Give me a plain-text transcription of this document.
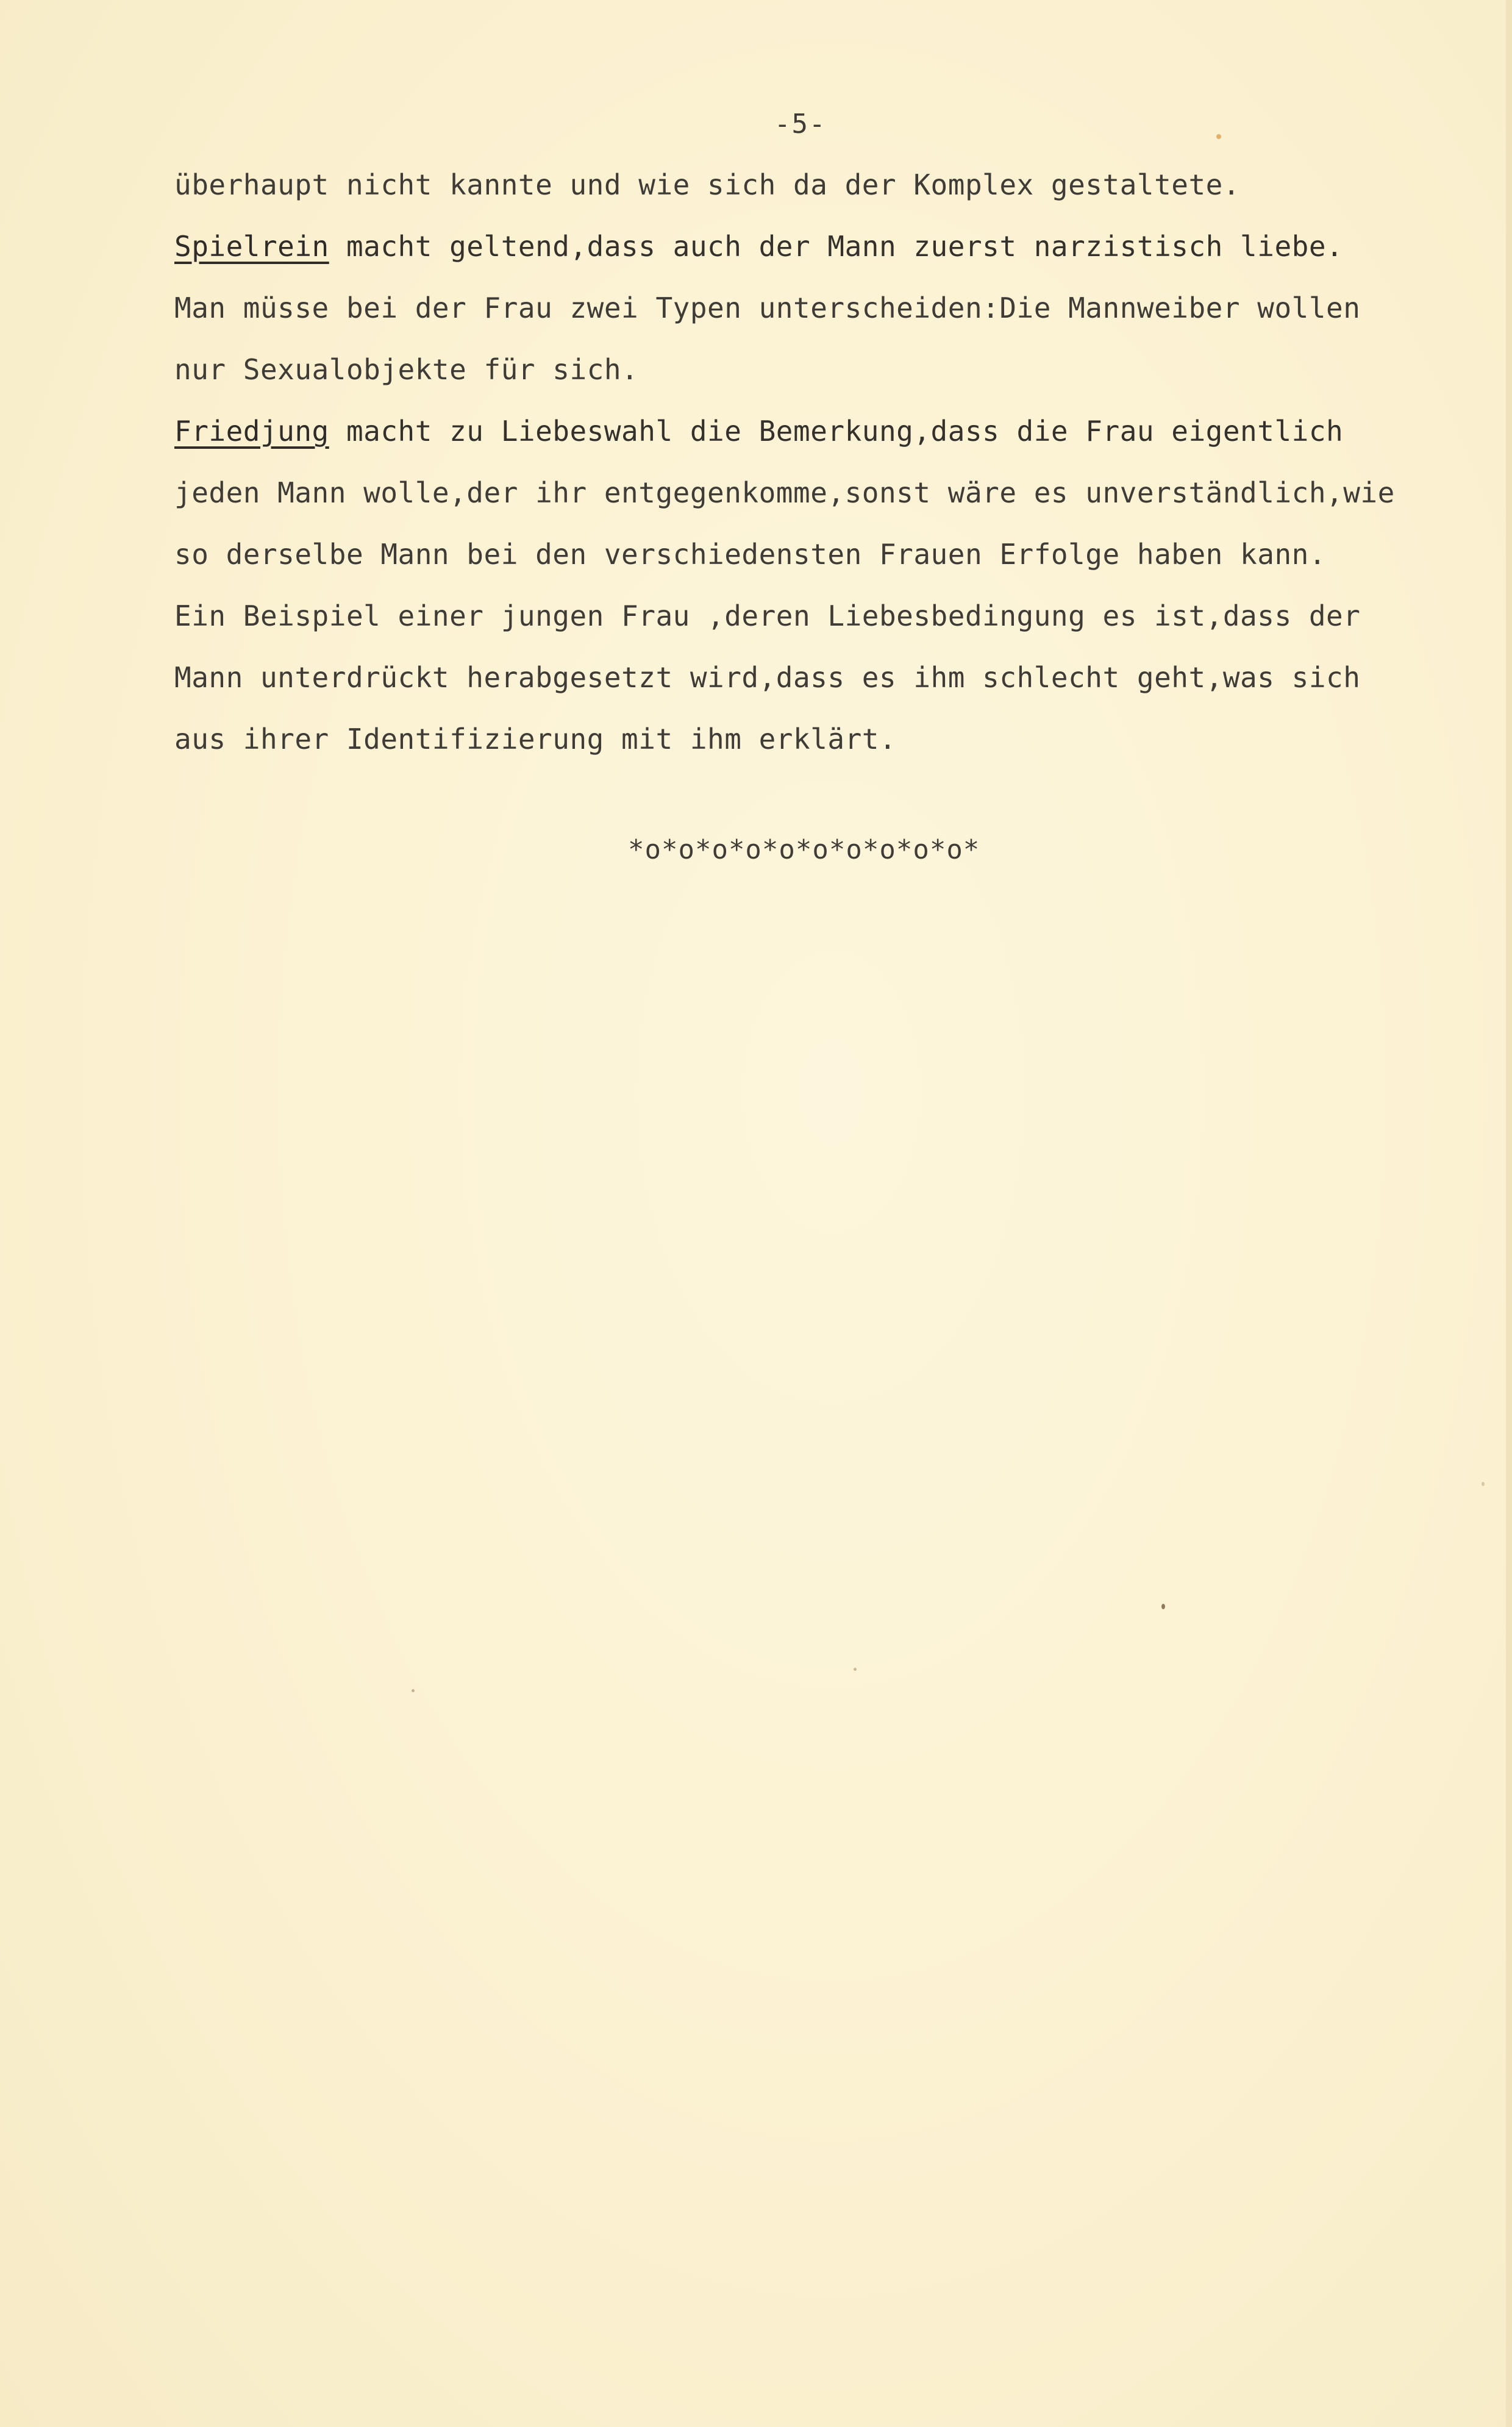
-5-
überhaupt nicht kannte und wie sich da der Komplex gestaltete.
Spielrein macht geltend,dass auch der Mann zuerst narzistisch liebe.
Man müsse bei der Frau zwei Typen unterscheiden:Die Mannweiber wollen
nur Sexualobjekte für sich.
Friedjung macht zu Liebeswahl die Bemerkung,dass die Frau eigentlich
jeden Mann wolle,der ihr entgegenkomme,sonst wäre es unverständlich,wie
so derselbe Mann bei den verschiedensten Frauen Erfolge haben kann.
Ein Beispiel einer jungen Frau ,deren Liebesbedingung es ist,dass der
Mann unterdrückt herabgesetzt wird,dass es ihm schlecht geht,was sich
aus ihrer Identifizierung mit ihm erklärt.
*o*o*o*o*o*o*o*o*o*o*
